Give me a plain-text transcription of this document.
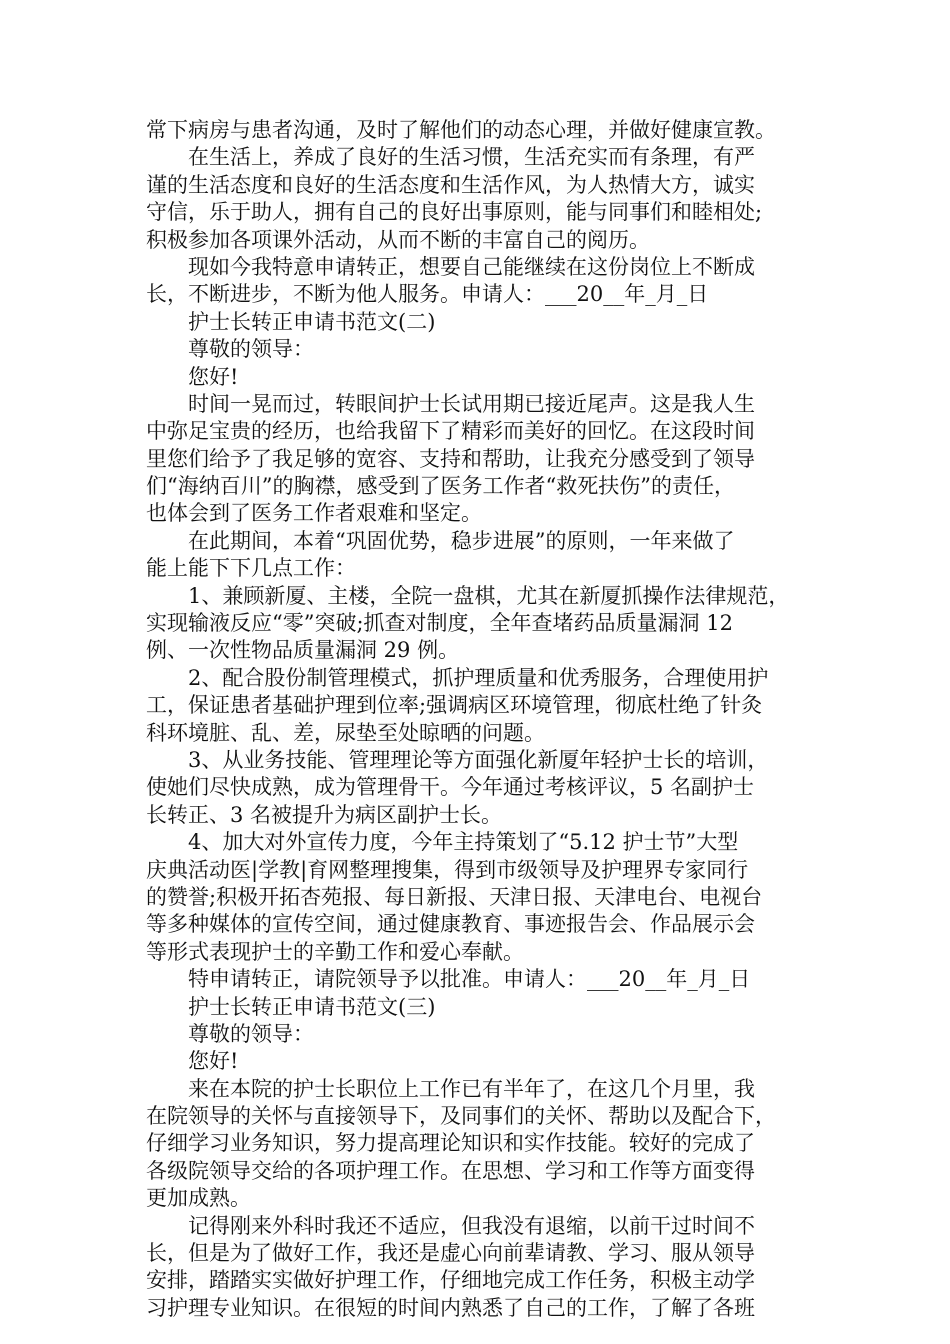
常下病房与患者沟通，及时了解他们的动态心理，并做好健康宣教。
在生活上，养成了良好的生活习惯，生活充实而有条理，有严
谨的生活态度和良好的生活态度和生活作风，为人热情大方，诚实
守信，乐于助人，拥有自己的良好出事原则，能与同事们和睦相处;
积极参加各项课外活动，从而不断的丰富自己的阅历。
现如今我特意申请转正，想要自己能继续在这份岗位上不断成
长，不断进步，不断为他人服务。申请人：___20__年_月_日
护士长转正申请书范文(二)
尊敬的领导：
您好!
时间一晃而过，转眼间护士长试用期已接近尾声。这是我人生
中弥足宝贵的经历，也给我留下了精彩而美好的回忆。在这段时间
里您们给予了我足够的宽容、支持和帮助，让我充分感受到了领导
们“海纳百川”的胸襟，感受到了医务工作者“救死扶伤”的责任，
也体会到了医务工作者艰难和坚定。
在此期间，本着“巩固优势，稳步进展”的原则，一年来做了
能上能下下几点工作：
1、兼顾新厦、主楼，全院一盘棋，尤其在新厦抓操作法律规范，
实现输液反应“零”突破;抓查对制度，全年查堵药品质量漏洞 12
例、一次性物品质量漏洞 29 例。
2、配合股份制管理模式，抓护理质量和优秀服务，合理使用护
工，保证患者基础护理到位率;强调病区环境管理，彻底杜绝了针灸
科环境脏、乱、差，尿垫至处晾晒的问题。
3、从业务技能、管理理论等方面强化新厦年轻护士长的培训，
使她们尽快成熟，成为管理骨干。今年通过考核评议，5 名副护士
长转正、3 名被提升为病区副护士长。
4、加大对外宣传力度，今年主持策划了“5.12 护士节”大型
庆典活动医|学教|育网整理搜集，得到市级领导及护理界专家同行
的赞誉;积极开拓杏苑报、每日新报、天津日报、天津电台、电视台
等多种媒体的宣传空间，通过健康教育、事迹报告会、作品展示会
等形式表现护士的辛勤工作和爱心奉献。
特申请转正，请院领导予以批准。申请人：___20__年_月_日
护士长转正申请书范文(三)
尊敬的领导：
您好!
来在本院的护士长职位上工作已有半年了，在这几个月里，我
在院领导的关怀与直接领导下，及同事们的关怀、帮助以及配合下，
仔细学习业务知识，努力提高理论知识和实作技能。较好的完成了
各级院领导交给的各项护理工作。在思想、学习和工作等方面变得
更加成熟。
记得刚来外科时我还不适应，但我没有退缩，以前干过时间不
长，但是为了做好工作，我还是虚心向前辈请教、学习、服从领导
安排，踏踏实实做好护理工作，仔细地完成工作任务，积极主动学
习护理专业知识。在很短的时间内熟悉了自己的工作，了解了各班
